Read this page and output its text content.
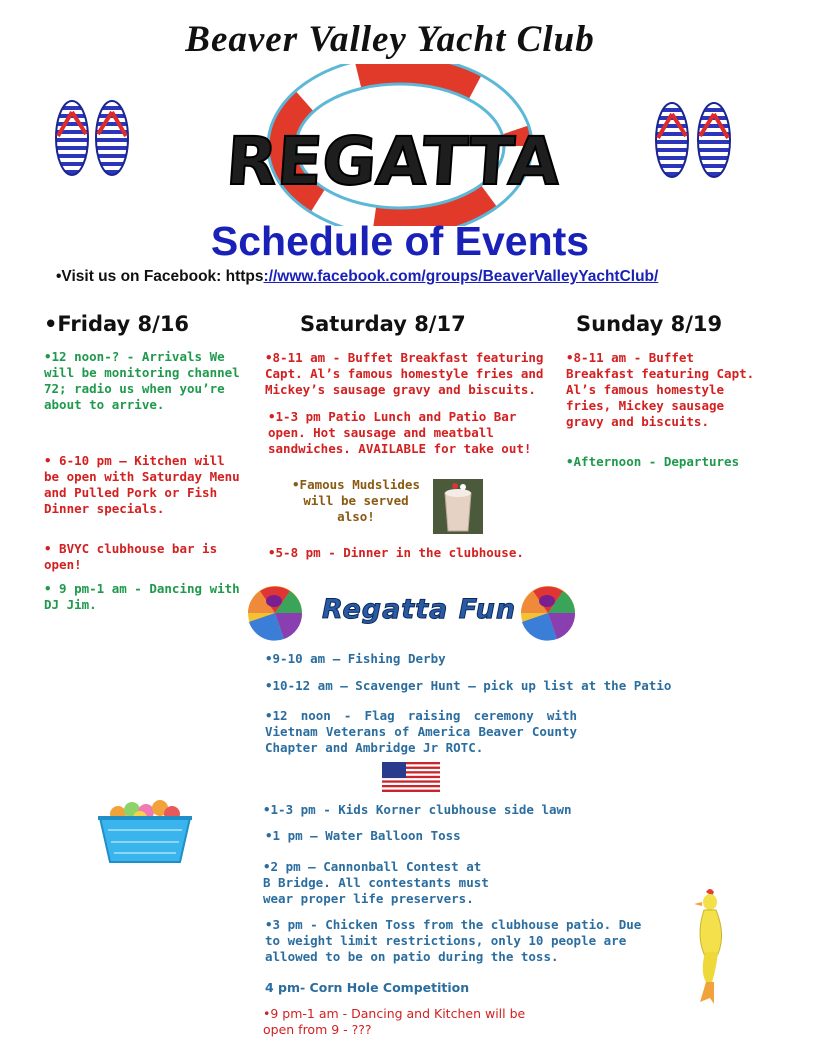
Beaver Valley Yacht Club
REGATTA
Schedule of Events
•Visit us on Facebook: https://www.facebook.com/groups/BeaverValleyYachtClub/
•Friday 8/16
•12 noon-? - Arrivals We will be monitoring channel 72; radio us when you’re about to arrive.
• 6-10 pm – Kitchen will be open with Saturday Menu and Pulled Pork or Fish Dinner specials.
• BVYC clubhouse bar is open!
• 9 pm-1 am - Dancing with DJ Jim.
Saturday 8/17
•8-11 am - Buffet Breakfast featuring Capt. Al’s famous homestyle fries and Mickey’s sausage gravy and biscuits.
•1-3 pm Patio Lunch and Patio Bar open. Hot sausage and meatball sandwiches. AVAILABLE for take out!
•Famous Mudslides will be served also!
•5-8 pm - Dinner in the clubhouse.
Sunday 8/19
•8-11 am - Buffet Breakfast featuring Capt. Al’s famous homestyle fries, Mickey sausage gravy and biscuits.
•Afternoon - Departures
Regatta Fun
•9-10 am – Fishing Derby
•10-12 am – Scavenger Hunt – pick up list at the Patio
•12 noon - Flag raising ceremony with Vietnam Veterans of America Beaver County Chapter and Ambridge Jr ROTC.
•1-3 pm - Kids Korner clubhouse side lawn
•1 pm – Water Balloon Toss
•2 pm – Cannonball Contest at B Bridge. All contestants must wear proper life preservers.
•3 pm - Chicken Toss from the clubhouse patio. Due to weight limit restrictions, only 10 people are allowed to be on patio during the toss.
4 pm- Corn Hole Competition
•9 pm-1 am - Dancing and Kitchen will be open from 9 - ???
